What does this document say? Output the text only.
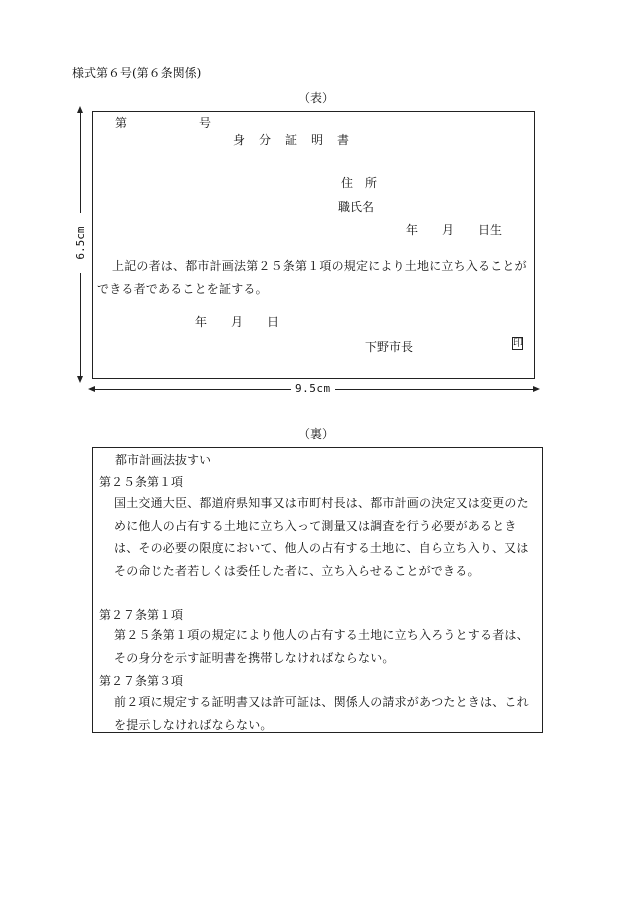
様式第６号(第６条関係)
（表）
第	号
身　分　証　明　書
住　所
職氏名
年　　月　　日生
上記の者は、都市計画法第２５条第１項の規定により土地に立ち入ることができる者であることを証する。
年　　月　　日
下野市長	印
6.5cm
9.5cm
（裏）
都市計画法抜すい
第２５条第１項
国土交通大臣、都道府県知事又は市町村長は、都市計画の決定又は変更のために他人の占有する土地に立ち入って測量又は調査を行う必要があるときは、その必要の限度において、他人の占有する土地に、自ら立ち入り、又はその命じた者若しくは委任した者に、立ち入らせることができる。
第２７条第１項
第２５条第１項の規定により他人の占有する土地に立ち入ろうとする者は、その身分を示す証明書を携帯しなければならない。
第２７条第３項
前２項に規定する証明書又は許可証は、関係人の請求があつたときは、これを提示しなければならない。
